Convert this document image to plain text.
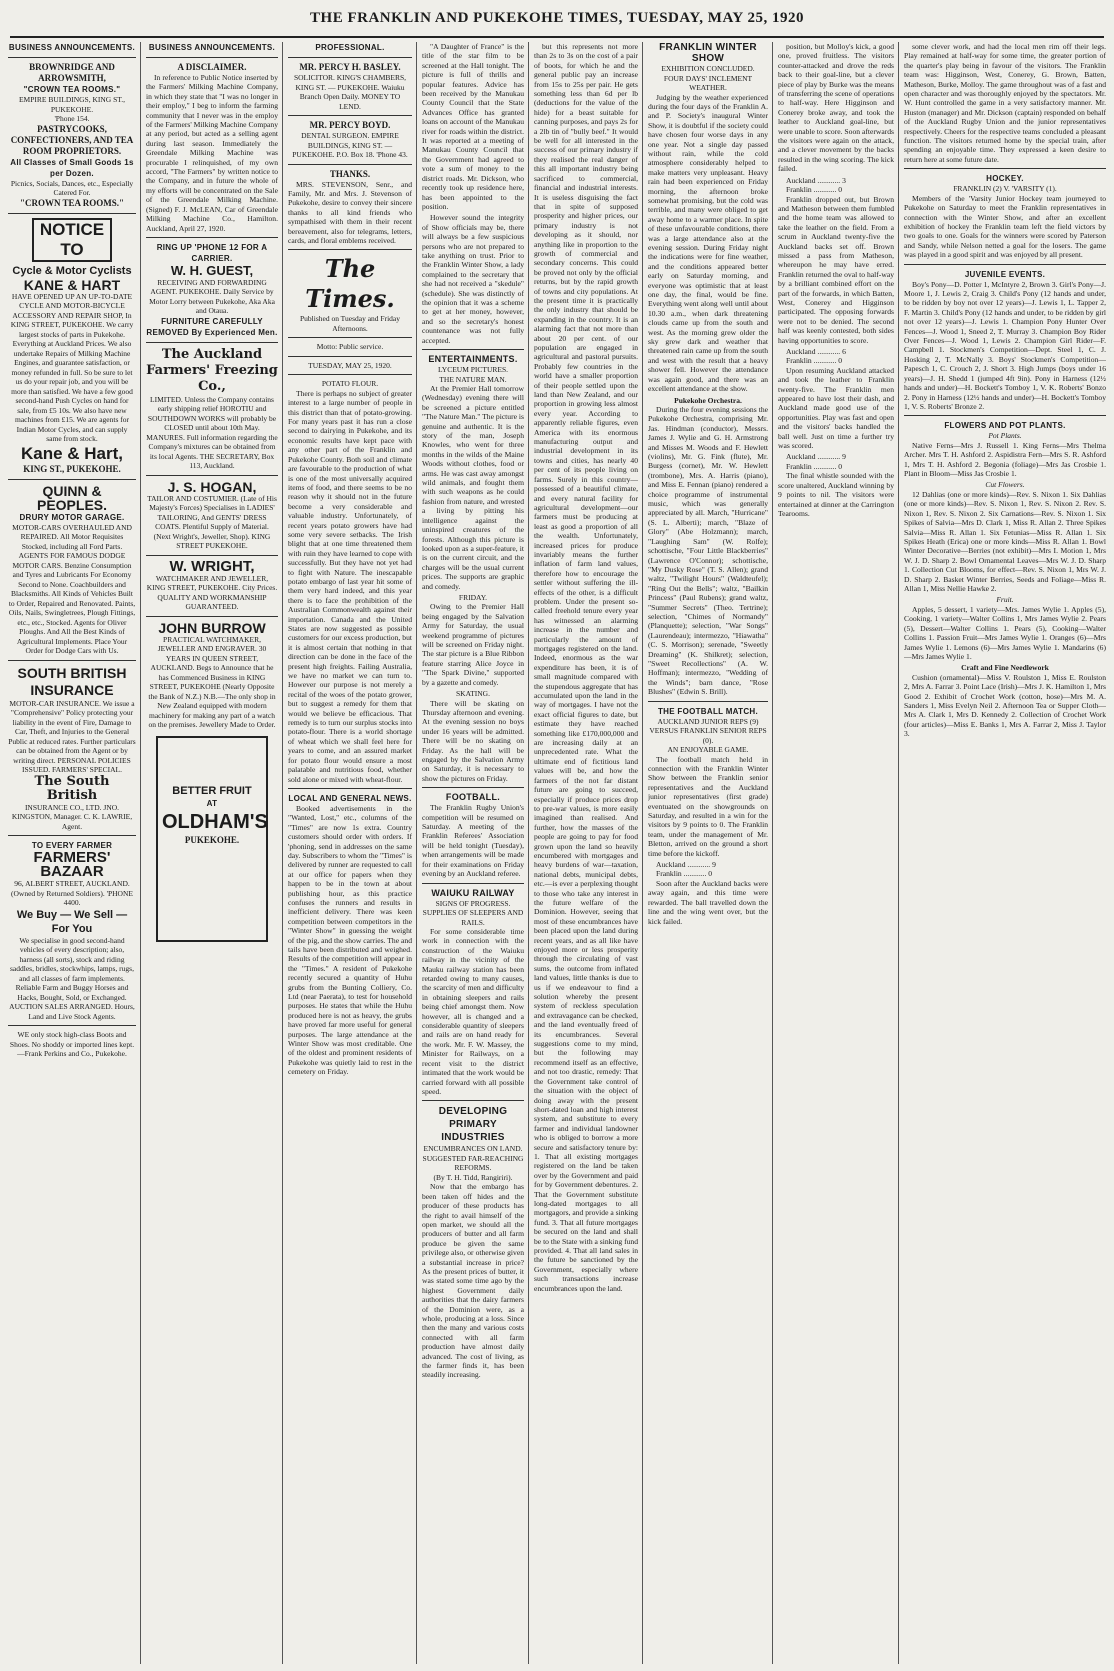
THE FRANKLIN AND PUKEKOHE TIMES, TUESDAY, MAY 25, 1920
BUSINESS ANNOUNCEMENTS.
BROWNRIDGE AND ARROWSMITH,
"CROWN TEA ROOMS."
EMPIRE BUILDINGS, KING ST., PUKEKOHE.
'Phone 154.
PASTRYCOOKS, CONFECTIONERS, AND TEA ROOM PROPRIETORS.
All Classes of Small Goods 1s per Dozen.
Picnics, Socials, Dances, etc., Especially Catered For.
"CROWN TEA ROOMS."
NOTICE TO
Cycle & Motor Cyclists
KANE & HART
HAVE OPENED UP AN UP-TO-DATE CYCLE AND MOTOR-BICYCLE ACCESSORY AND REPAIR SHOP, In KING STREET, PUKEKOHE. We carry largest stocks of parts in Pukekohe. Everything at Auckland Prices. We also undertake Repairs of Milking Machine Engines, and guarantee satisfaction, or money refunded in full. So be sure to let us do your repair job, and you will be more than satisfied. We have a few good second-hand Push Cycles on hand for sale, from £5 10s. We also have new machines from £15. We are agents for Indian Motor Cycles, and can supply same from stock.
Kane & Hart,
KING ST., PUKEKOHE.
QUINN & PEOPLES.
DRURY MOTOR GARAGE.
MOTOR-CARS OVERHAULED AND REPAIRED. All Motor Requisites Stocked, including all Ford Parts. AGENTS FOR FAMOUS DODGE MOTOR CARS. Benzine Consumption and Tyres and Lubricants For Economy Second to None. Coachbuilders and Blacksmiths. All Kinds of Vehicles Built to Order, Repaired and Renovated. Paints, Oils, Nails, Swingletrees, Plough Fittings, etc., etc., Stocked. Agents for Oliver Ploughs. And All the Best Kinds of Agricultural Implements. Place Your Order for Dodge Cars with Us.
SOUTH BRITISH INSURANCE
MOTOR-CAR INSURANCE. We issue a "Comprehensive" Policy protecting your liability in the event of Fire, Damage to Car, Theft, and Injuries to the General Public at reduced rates. Further particulars can be obtained from the Agent or by writing direct. PERSONAL POLICIES ISSUED. FARMERS' SPECIAL.
The South British
INSURANCE CO., LTD. JNO. KINGSTON, Manager. C. K. LAWRIE, Agent.
TO EVERY FARMER
FARMERS' BAZAAR
96, ALBERT STREET, AUCKLAND. (Owned by Returned Soldiers). 'PHONE 4400.
We Buy — We Sell — For You
We specialise in good second-hand vehicles of every description; also, harness (all sorts), stock and riding saddles, bridles, stockwhips, lamps, rugs, and all classes of farm implements. Reliable Farm and Buggy Horses and Hacks, Bought, Sold, or Exchanged. AUCTION SALES ARRANGED. Hours, Land and Live Stock Agents.
WE only stock high-class Boots and Shoes. No shoddy or imported lines kept.—Frank Perkins and Co., Pukekohe.
BUSINESS ANNOUNCEMENTS.
A DISCLAIMER.

In reference to Public Notice inserted by the Farmers' Milking Machine Company, in which they state that "I was no longer in their employ," I beg to inform the farming community that I never was in the employ of the Farmers' Milking Machine Company at any period, but acted as a selling agent during last season. Immediately the Greendale Milking Machine was procurable I relinquished, of my own accord, "The Farmers" by written notice to the Company, and in future the whole of my efforts will be concentrated on the Sale of the Greendale Milking Machine. (Signed) F. J. McLEAN, Car of Greendale Milking Machine Co., Hamilton. Auckland, April 27, 1920.

RING UP 'PHONE 12 FOR A CARRIER.
W. H. GUEST,
RECEIVING AND FORWARDING AGENT. PUKEKOHE. Daily Service by Motor Lorry between Pukekohe, Aka Aka and Otaua.
FURNITURE CAREFULLY REMOVED By Experienced Men.
The Auckland Farmers' Freezing Co.,
LIMITED. Unless the Company contains early shipping relief HOROTIU and SOUTHDOWN WORKS will probably be CLOSED until about 10th May. MANURES. Full information regarding the Company's mixtures can be obtained from its local Agents. THE SECRETARY, Box 113, Auckland.
J. S. HOGAN,
TAILOR AND COSTUMIER. (Late of His Majesty's Forces) Specialises in LADIES' TAILORING, And GENTS' DRESS COATS. Plentiful Supply of Material. (Next Wright's, Jeweller, Shop). KING STREET PUKEKOHE.
W. WRIGHT,
WATCHMAKER AND JEWELLER, KING STREET, PUKEKOHE. City Prices. QUALITY AND WORKMANSHIP GUARANTEED.
JOHN BURROW
PRACTICAL WATCHMAKER, JEWELLER AND ENGRAVER. 30 YEARS IN QUEEN STREET, AUCKLAND. Begs to Announce that he has Commenced Business in KING STREET, PUKEKOHE (Nearly Opposite the Bank of N.Z.) N.B.—The only shop in New Zealand equipped with modern machinery for making any part of a watch on the premises. Jewellery Made to Order.
BETTER FRUIT
AT
OLDHAM'S
PUKEKOHE.
PROFESSIONAL.
MR. PERCY H. BASLEY.
SOLICITOR. KING'S CHAMBERS, KING ST. — PUKEKOHE. Waiuku Branch Open Daily. MONEY TO LEND.
MR. PERCY BOYD.
DENTAL SURGEON. EMPIRE BUILDINGS, KING ST. — PUKEKOHE. P.O. Box 18. 'Phone 43.
THANKS.

MRS. STEVENSON, Senr., and Family, Mr. and Mrs. J. Stevenson of Pukekohe, desire to convey their sincere thanks to all kind friends who sympathised with them in their recent bereavement, also for telegrams, letters, cards, and floral emblems received.

The Times.
Published on Tuesday and Friday Afternoons.
Motto: Public service.
TUESDAY, MAY 25, 1920.
POTATO FLOUR.

There is perhaps no subject of greater interest to a large number of people in this district than that of potato-growing. For many years past it has run a close second to dairying in Pukekohe, and its economic results have kept pace with any other part of the Franklin and Pukekohe County. Both soil and climate are favourable to the production of what is one of the most universally acquired items of food, and there seems to be no reason why it should not in the future become a very considerable and valuable industry. Unfortunately, of recent years potato growers have had some very severe setbacks. The Irish blight that at one time threatened them with ruin they have learned to cope with successfully. But they have not yet had to fight with Nature. The inescapable potato embargo of last year hit some of them very hard indeed, and this year there is to face the prohibition of the Australian Commonwealth against their importation. Canada and the United States are now suggested as possible customers for our excess production, but it is almost certain that nothing in that direction can be done in the face of the present high freights. Failing Australia, we have no market we can turn to. However our purpose is not merely a recital of the woes of the potato grower, but to suggest a remedy for them that would we believe be efficacious. That remedy is to turn our surplus stocks into potato-flour. There is a world shortage of wheat which we shall feel here for years to come, and an assured market for potato flour would ensure a most palatable and nutritious food, whether sold alone or mixed with wheat-flour.

LOCAL AND GENERAL NEWS.

Booked advertisements in the "Wanted, Lost," etc., columns of the "Times" are now 1s extra. Country customers should order with orders. If 'phoning, send in addresses on the same day. Subscribers to whom the "Times" is delivered by runner are requested to call at our office for papers when they happen to be in the town at about publishing hour, as this practice confuses the runners and results in inefficient delivery. There was keen competition between competitors in the "Winter Show" in guessing the weight of the pig, and the show carries. The and tails have been distributed and weighed. Results of the competition will appear in the "Times." A resident of Pukekohe recently secured a quantity of Huhu grubs from the Bunting Colliery, Co. Ltd (near Paerata), to test for household purposes. He states that while the Huhu produced here is not as heavy, the grubs have proved far more useful for general purposes. The large attendance at the Winter Show was most creditable. One of the oldest and prominent residents of Pukekohe was quietly laid to rest in the cemetery on Friday.

"A Daughter of France" is the title of the star film to be screened at the Hall tonight. The picture is full of thrills and popular features. Advice has been received by the Manukau County Council that the State Advances Office has granted loans on account of the Manukau river for roads within the district. It was reported at a meeting of Manukau County Council that the Government had agreed to vote a sum of money to the district roads. Mr. Dickson, who recently took up residence here, has been appointed to the position.

However sound the integrity of Show officials may be, there will always be a few suspicious persons who are not prepared to take anything on trust. Prior to the Franklin Winter Show, a lady complained to the secretary that she had not received a "skedule" (schedule). She was distinctly of the opinion that it was a scheme to get at her money, however, and so the secretary's honest countenance was not fully accepted.

ENTERTAINMENTS.
LYCEUM PICTURES.
THE NATURE MAN.

At the Premier Hall tomorrow (Wednesday) evening there will be screened a picture entitled "The Nature Man." The picture is genuine and authentic. It is the story of the man, Joseph Knowles, who went for three months in the wilds of the Maine Woods without clothes, food or arms. He was cast away amongst wild animals, and fought them with such weapons as he could fashion from nature, and wrested a living by pitting his intelligence against the uninspired creatures of the forests. Although this picture is looked upon as a super-feature, it is on the current circuit, and the charges will be the usual current prices. The supports are graphic and comedy.

FRIDAY.

Owing to the Premier Hall being engaged by the Salvation Army for Saturday, the usual weekend programme of pictures will be screened on Friday night. The star picture is a Blue Ribbon feature starring Alice Joyce in "The Spark Divine," supported by a gazette and comedy.

SKATING.

There will be skating on Thursday afternoon and evening. At the evening session no boys under 16 years will be admitted. There will be no skating on Friday. As the hall will be engaged by the Salvation Army on Saturday, it is necessary to show the pictures on Friday.

FOOTBALL.

The Franklin Rugby Union's competition will be resumed on Saturday. A meeting of the Franklin Referees' Association will be held tonight (Tuesday), when arrangements will be made for their examinations on Friday evening by an Auckland referee.

WAIUKU RAILWAY
SIGNS OF PROGRESS.
SUPPLIES OF SLEEPERS AND RAILS.

For some considerable time work in connection with the construction of the Waiuku railway in the vicinity of the Mauku railway station has been retarded owing to many causes, the scarcity of men and difficulty in obtaining sleepers and rails being chief amongst them. Now however, all is changed and a considerable quantity of sleepers and rails are on hand ready for the work. Mr. F. W. Massey, the Minister for Railways, on a recent visit to the district intimated that the work would be carried forward with all possible speed.

DEVELOPING PRIMARY INDUSTRIES
ENCUMBRANCES ON LAND.
SUGGESTED FAR-REACHING REFORMS.
(By T. H. Tidd, Rangiriri).

Now that the embargo has been taken off hides and the producer of these products has the right to avail himself of the open market, we should all the producers of butter and all farm produce be given the same privilege also, or otherwise given a substantial increase in price? As the present prices of butter, it was stated some time ago by the highest Government daily authorities that the dairy farmers of the Dominion were, as a whole, producing at a loss. Since then the many and various costs connected with all farm production have almost daily advanced. The cost of living, as the farmer finds it, has been steadily increasing.

but this represents not more than 2s to 3s on the cost of a pair of boots, for which he and the general public pay an increase from 15s to 25s per pair. He gets something less than 6d per lb (deductions for the value of the hide) for a beast suitable for canning purposes, and pays 2s for a 2lb tin of "bully beef." It would be well for all interested in the success of our primary industry if they realised the real danger of this all important industry being sacrificed to commercial, financial and industrial interests. It is useless disguising the fact that in spite of supposed prosperity and higher prices, our primary industry is not developing as it should, nor anything like in proportion to the growth of commercial and secondary concerns. This could be proved not only by the official returns, but by the rapid growth of towns and city populations. At the present time it is practically the only industry that should be expanding in the country. It is an alarming fact that not more than about 20 per cent. of our population are engaged in agricultural and pastoral pursuits. Probably few countries in the world have a smaller proportion of their people settled upon the land than New Zealand, and our proportion in growing less almost every year. According to apparently reliable figures, even America with its enormous manufacturing output and industrial development in its towns and cities, has nearly 40 per cent of its people living on farms. Surely in this country—possessed of a beautiful climate, and every natural facility for agricultural development—our farmers must be producing at least as good a proportion of all the wealth. Unfortunately, increased prices for produce invariably means the further inflation of farm land values, therefore how to encourage the settler without suffering the ill-effects of the other, is a difficult problem. Under the present so-called freehold tenure every year has witnessed an alarming increase in the number and particularly the amount of mortgages registered on the land. Indeed, enormous as the war expenditure has been, it is of small magnitude compared with the stupendous aggregate that has accumulated upon the land in the way of mortgages. I have not the exact official figures to date, but estimate they have reached something like £170,000,000 and are increasing daily at an unprecedented rate. What the ultimate end of fictitious land values will be, and how the farmers of the not far distant future are going to succeed, especially if produce prices drop to pre-war values, is more easily imagined than realised. And further, how the masses of the people are going to pay for food grown upon the land so heavily encumbered with mortgages and heavy burdens of war—taxation, national debts, municipal debts, etc.—is ever a perplexing thought to those who take any interest in the future welfare of the Dominion. However, seeing that most of these encumbrances have been placed upon the land during recent years, and as all like have enjoyed more or less prosperity through the circulating of vast sums, the outcome from inflated land values, little thanks is due to us if we endeavour to find a solution whereby the present system of reckless speculation and extravagance can be checked, and the land eventually freed of its encumbrances. Several suggestions come to my mind, but the following may recommend itself as an effective, and not too drastic, remedy: That the Government take control of the situation with the object of doing away with the present short-dated loan and high interest system, and substitute to every farmer and individual landowner who is obliged to borrow a more secure and satisfactory tenure by: 1. That all existing mortgages registered on the land be taken over by the Government and paid for by Government debentures. 2. That the Government substitute long-dated mortgages to all mortgagors, and provide a sinking fund. 3. That all future mortgages be secured on the land and shall be to the State with a sinking fund provided. 4. That all land sales in the future be sanctioned by the Government, especially where such transactions increase encumbrances upon the land.

FRANKLIN WINTER SHOW
EXHIBITION CONCLUDED.
FOUR DAYS' INCLEMENT WEATHER.

Judging by the weather experienced during the four days of the Franklin A. and P. Society's inaugural Winter Show, it is doubtful if the society could have chosen four worse days in any one year. Not a single day passed without rain, while the cold atmosphere considerably helped to make matters very unpleasant. Heavy rain had been experienced on Friday morning, the afternoon broke somewhat promising, but the cold was terrible, and many were obliged to get away home to a warmer place. In spite of these unfavourable conditions, there was a large attendance also at the evening session. During Friday night the indications were for fine weather, and the conditions appeared better early on Saturday morning, and everyone was optimistic that at least one day, the final, would be fine. Everything went along well until about 10.30 a.m., when dark threatening clouds came up from the south and west. As the morning grew older the sky grew dark and weather that threatened rain came up from the south and west with the result that a heavy shower fell. However the attendance was again good, and there was an excellent attendance at the show.

Pukekohe Orchestra.

During the four evening sessions the Pukekohe Orchestra, comprising Mr. Jas. Hindman (conductor), Messrs. James J. Wylie and G. H. Armstrong and Misses M. Woods and F. Hewlett (violins), Mr. G. Fink (flute), Mr. Burgess (cornet), Mr. W. Hewlett (trombone), Mrs. A. Harris (piano), and Miss E. Fennan (piano) rendered a choice programme of instrumental music, which was generally appreciated by all. March, "Hurricane" (S. L. Alberti); march, "Blaze of Glory" (Abe Holzmann); march, "Laughing Sam" (W. Rolfe); schottische, "Four Little Blackberries" (Lawrence O'Connor); schottische, "My Dusky Rose" (T. S. Allen); grand waltz, "Twilight Hours" (Waldteufel); "Ring Out the Bells"; waltz, "Bailkin Princess" (Paul Rubens); grand waltz, "Summer Secrets" (Theo. Tertrine); selection, "Chimes of Normandy" (Planquette); selection, "War Songs" (Laurendeau); intermezzo, "Hiawatha" (C. S. Morrison); serenade, "Sweetly Dreaming" (K. Shilkret); selection, "Sweet Recollections" (A. W. Hoffman); intermezzo, "Wedding of the Winds"; barn dance, "Rose Blushes" (Edwin S. Brill).

THE FOOTBALL MATCH.
AUCKLAND JUNIOR REPS (9) VERSUS FRANKLIN SENIOR REPS (0).
AN ENJOYABLE GAME.

The football match held in connection with the Franklin Winter Show between the Franklin senior representatives and the Auckland junior representatives (first grade) eventuated on the showgrounds on Saturday, and resulted in a win for the visitors by 9 points to 0. The Franklin team, under the management of Mr. Bletton, arrived on the ground a short time before the kickoff.

Auckland ............ 9
Franklin ............ 0

Soon after the Auckland backs were away again, and this time were rewarded. The ball travelled down the line and the wing went over, but the kick failed.

position, but Molloy's kick, a good one, proved fruitless. The visitors counter-attacked and drove the reds back to their goal-line, but a clever piece of play by Burke was the means of transferring the scene of operations to half-way. Here Higginson and Conerey broke away, and took the leather to Auckland goal-line, but were unable to score. Soon afterwards the visitors were again on the attack, and a clever movement by the backs resulted in the wing scoring. The kick failed.

Auckland ............ 3
Franklin ............ 0

Franklin dropped out, but Brown and Matheson between them fumbled and the home team was allowed to take the leather on the field. From a scrum in Auckland twenty-five the Auckland backs set off. Brown missed a pass from Matheson, whereupon he may have erred. Franklin returned the oval to half-way by a brilliant combined effort on the part of the forwards, in which Batten, West, Conerey and Higginson participated. The opposing forwards were not to be denied. The second half was keenly contested, both sides having opportunities to score.

Auckland ............ 6
Franklin ............ 0

Upon resuming Auckland attacked and took the leather to Franklin twenty-five. The Franklin men appeared to have lost their dash, and Auckland made good use of the opportunities. Play was fast and open and the visitors' backs handled the ball well. Just on time a further try was scored.

Auckland ............ 9
Franklin ............ 0

The final whistle sounded with the score unaltered, Auckland winning by 9 points to nil. The visitors were entertained at dinner at the Carrington Tearooms.

some clever work, and had the local men rim off their legs. Play remained at half-way for some time, the greater portion of the quarter's play being in favour of the visitors. The Franklin team was: Higginson, West, Conerey, G. Brown, Batten, Matheson, Burke, Molloy. The game throughout was of a fast and open character and was thoroughly enjoyed by the spectators. Mr. W. Hunt controlled the game in a very satisfactory manner. Mr. Huston (manager) and Mr. Dickson (captain) responded on behalf of the Auckland Rugby Union and the junior representatives respectively. Cheers for the respective teams concluded a pleasant function. The visitors returned home by the special train, after spending an enjoyable time. They expressed a keen desire to return here at some future date.

HOCKEY.
FRANKLIN (2) V. 'VARSITY (1).

Members of the 'Varsity Junior Hockey team journeyed to Pukekohe on Saturday to meet the Franklin representatives in connection with the Winter Show, and after an excellent exhibition of hockey the Franklin team left the field victors by two goals to one. Goals for the winners were scored by Paterson and Sandy, while Nelson netted a goal for the losers. The game was played in a good spirit and was enjoyed by all present.

JUVENILE EVENTS.

Boy's Pony—D. Potter 1, McIntyre 2, Brown 3. Girl's Pony—J. Moore 1, J. Lewis 2, Craig 3. Child's Pony (12 hands and under, to be ridden by boy not over 12 years)—J. Lewis 1, L. Tapper 2, F. Martin 3. Child's Pony (12 hands and under, to be ridden by girl not over 12 years)—J. Lewis 1. Champion Pony Hunter Over Fences—J. Wood 1, Sneed 2, T. Murray 3. Champion Boy Rider Over Fences—J. Wood 1, Lewis 2. Champion Girl Rider—F. Campbell 1. Stockmen's Competition—Dept. Steel 1, C. J. Hosking 2, T. McNally 3. Boys' Stockmen's Competition—Papesch 1, C. Crouch 2, J. Short 3. High Jumps (boys under 16 years)—J. H. Shedd 1 (jumped 4ft 9in). Pony in Harness (12½ hands and under)—H. Bockett's Tomboy 1, V. K. Roberts' Bonzo 2. Pony in Harness (12½ hands and under)—H. Bockett's Tomboy 1, V. S. Roberts' Bronze 2.

FLOWERS AND POT PLANTS.
Pot Plants.

Native Ferns—Mrs J. Russell 1. King Ferns—Mrs Thelma Archer. Mrs T. H. Ashford 2. Aspidistra Fern—Mrs S. R. Ashford 1, Mrs T. H. Ashford 2. Begonia (foliage)—Mrs Jas Crosbie 1. Plant in Bloom—Miss Jas Crosbie 1.

Cut Flowers.

12 Dahlias (one or more kinds)—Rev. S. Nixon 1. Six Dahlias (one or more kinds)—Rev. S. Nixon 1, Rev. S. Nixon 2. Rev. S. Nixon 1, Rev. S. Nixon 2. Six Carnations—Rev. S. Nixon 1. Six Spikes of Salvia—Mrs D. Clark 1, Miss R. Allan 2. Three Spikes Salvia—Miss R. Allan 1. Six Fetunias—Miss R. Allan 1. Six Spikes Heath (Erica) one or more kinds—Miss R. Allan 1. Bowl Winter Decorative—Berries (not exhibit)—Mrs I. Motion 1, Mrs W. J. D. Sharp 2. Bowl Ornamental Leaves—Mrs W. J. D. Sharp 1. Collection Cut Blooms, for effect—Rev. S. Nixon 1, Mrs W. J. D. Sharp 2. Basket Winter Berries, Seeds and Foliage—Miss R. Allan 1, Miss Nellie Hawke 2.

Fruit.

Apples, 5 dessert, 1 variety—Mrs. James Wylie 1. Apples (5), Cooking, 1 variety—Walter Collins 1, Mrs James Wylie 2. Pears (5), Dessert—Walter Collins 1. Pears (5), Cooking—Walter Collins 1. Passion Fruit—Mrs James Wylie 1. Oranges (6)—Mrs James Wylie 1. Lemons (6)—Mrs James Wylie 1. Mandarins (6)—Mrs James Wylie 1.

Craft and Fine Needlework

Cushion (ornamental)—Miss V. Roulston 1, Miss E. Roulston 2, Mrs A. Farrar 3. Point Lace (Irish)—Mrs J. K. Hamilton 1, Mrs Good 2. Exhibit of Crochet Work (cotton, hose)—Mrs M. A. Sanders 1, Miss Evelyn Neil 2. Afternoon Tea or Supper Cloth—Mrs A. Clark 1, Mrs D. Kennedy 2. Collection of Crochet Work (four articles)—Miss E. Banks 1, Mrs A. Farrar 2, Miss J. Taylor 3.
